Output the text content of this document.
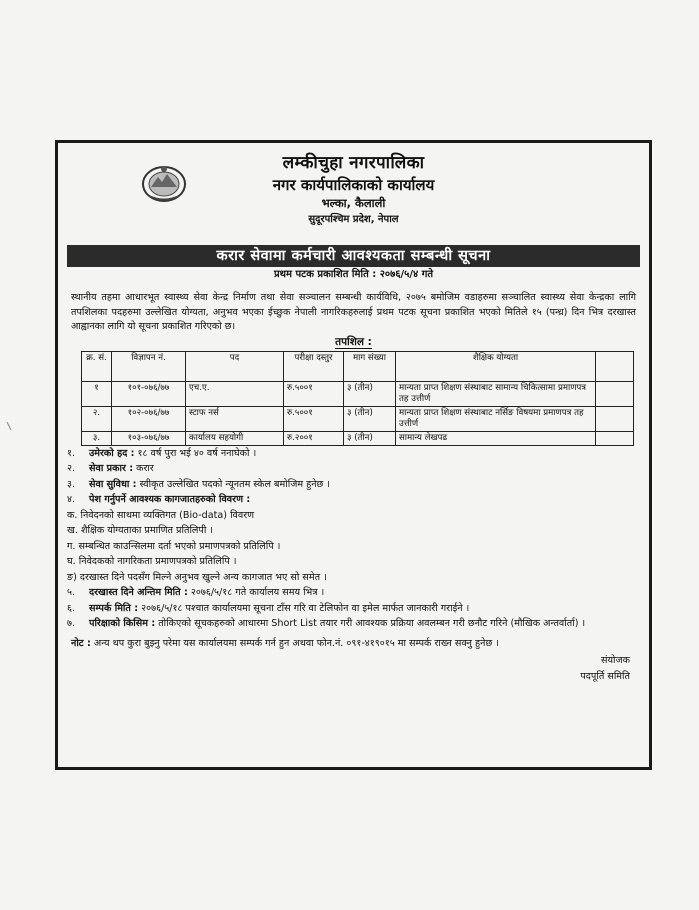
लम्कीचुहा नगरपालिका
नगर कार्यपालिकाको कार्यालय
भल्का, कैलाली
सुदूरपश्चिम प्रदेश, नेपाल
करार सेवामा कर्मचारी आवश्यकता सम्बन्धी सूचना
प्रथम पटक प्रकाशित मिति : २०७६/५/४ गते
स्थानीय तहमा आधारभूत स्वास्थ्य सेवा केन्द्र निर्माण तथा सेवा सञ्चालन सम्बन्धी कार्यविधि, २०७५ बमोजिम वडाहरुमा सञ्चालित स्वास्थ्य सेवा केन्द्रका लागि तपशिलका पदहरुमा उल्लेखित योग्यता, अनुभव भएका ईच्छुक नेपाली नागरिकहरुलाई प्रथम पटक सूचना प्रकाशित भएको मितिले १५ (पन्ध्र) दिन भित्र दरखास्त आह्वानका लागि यो सूचना प्रकाशित गरिएको छ।
तपशिल :
क्र. सं.	विज्ञापन नं.	पद	परीक्षा दस्तुर	माग संख्या	शैक्षिक योग्यता	
१	१०१-०७६/७७	एच.ए.	रु.५००१	३ (तीन)	मान्यता प्राप्त शिक्षण संस्थाबाट सामान्य चिकित्सामा प्रमाणपत्र तह उत्तीर्ण	
२.	१०२-०७६/७७	स्टाफ नर्स	रु.५००१	३ (तीन)	मान्यता प्राप्त शिक्षण संस्थाबाट नर्सिङ विषयमा प्रमाणपत्र तह उत्तीर्ण	
३.	१०३-०७६/७७	कार्यालय सहयोगी	रु.२००१	३ (तीन)	सामान्य लेखपढ	
१.	उमेरको हद : १८ वर्ष पुरा भई ४० वर्ष ननाघेको ।
२.	सेवा प्रकार : करार
३.	सेवा सुविधा : स्वीकृत उल्लेखित पदको न्यूनतम स्केल बमोजिम हुनेछ ।
४.	पेश गर्नुपर्ने आवश्यक कागजातहरुको विवरण :
क. निवेदनको साथमा व्यक्तिगत (Bio-data) विवरण
ख. शैक्षिक योग्यताका प्रमाणित प्रतिलिपी ।
ग. सम्बन्धित काउन्सिलमा दर्ता भएको प्रमाणपत्रको प्रतिलिपि ।
घ. निवेदकको नागरिकता प्रमाणपत्रको प्रतिलिपि ।
ङ) दरखास्त दिने पदसँग मिल्ने अनुभव खुल्ने अन्य कागजात भए सो समेत ।
५.	दरखास्त दिने अन्तिम मिति : २०७६/५/१८ गते कार्यालय समय भित्र ।
६.	सम्पर्क मिति : २०७६/५/१८ पश्चात कार्यालयमा सूचना टाँस गरि वा टेलिफोन वा इमेल मार्फत जानकारी गराईने ।
७.	परिक्षाको किसिम : तोकिएको सूचकहरुको आधारमा Short List तयार गरी आवश्यक प्रक्रिया अवलम्बन गरी छनौट गरिने (मौखिक अन्तर्वार्ता) ।
नोट : अन्य थप कुरा बुझ्नु परेमा यस कार्यालयमा सम्पर्क गर्न हुन अथवा फोन.नं. ०९१-४१९०१५ मा सम्पर्क राख्न सक्नु हुनेछ ।
संयोजक
पदपूर्ति समिति
